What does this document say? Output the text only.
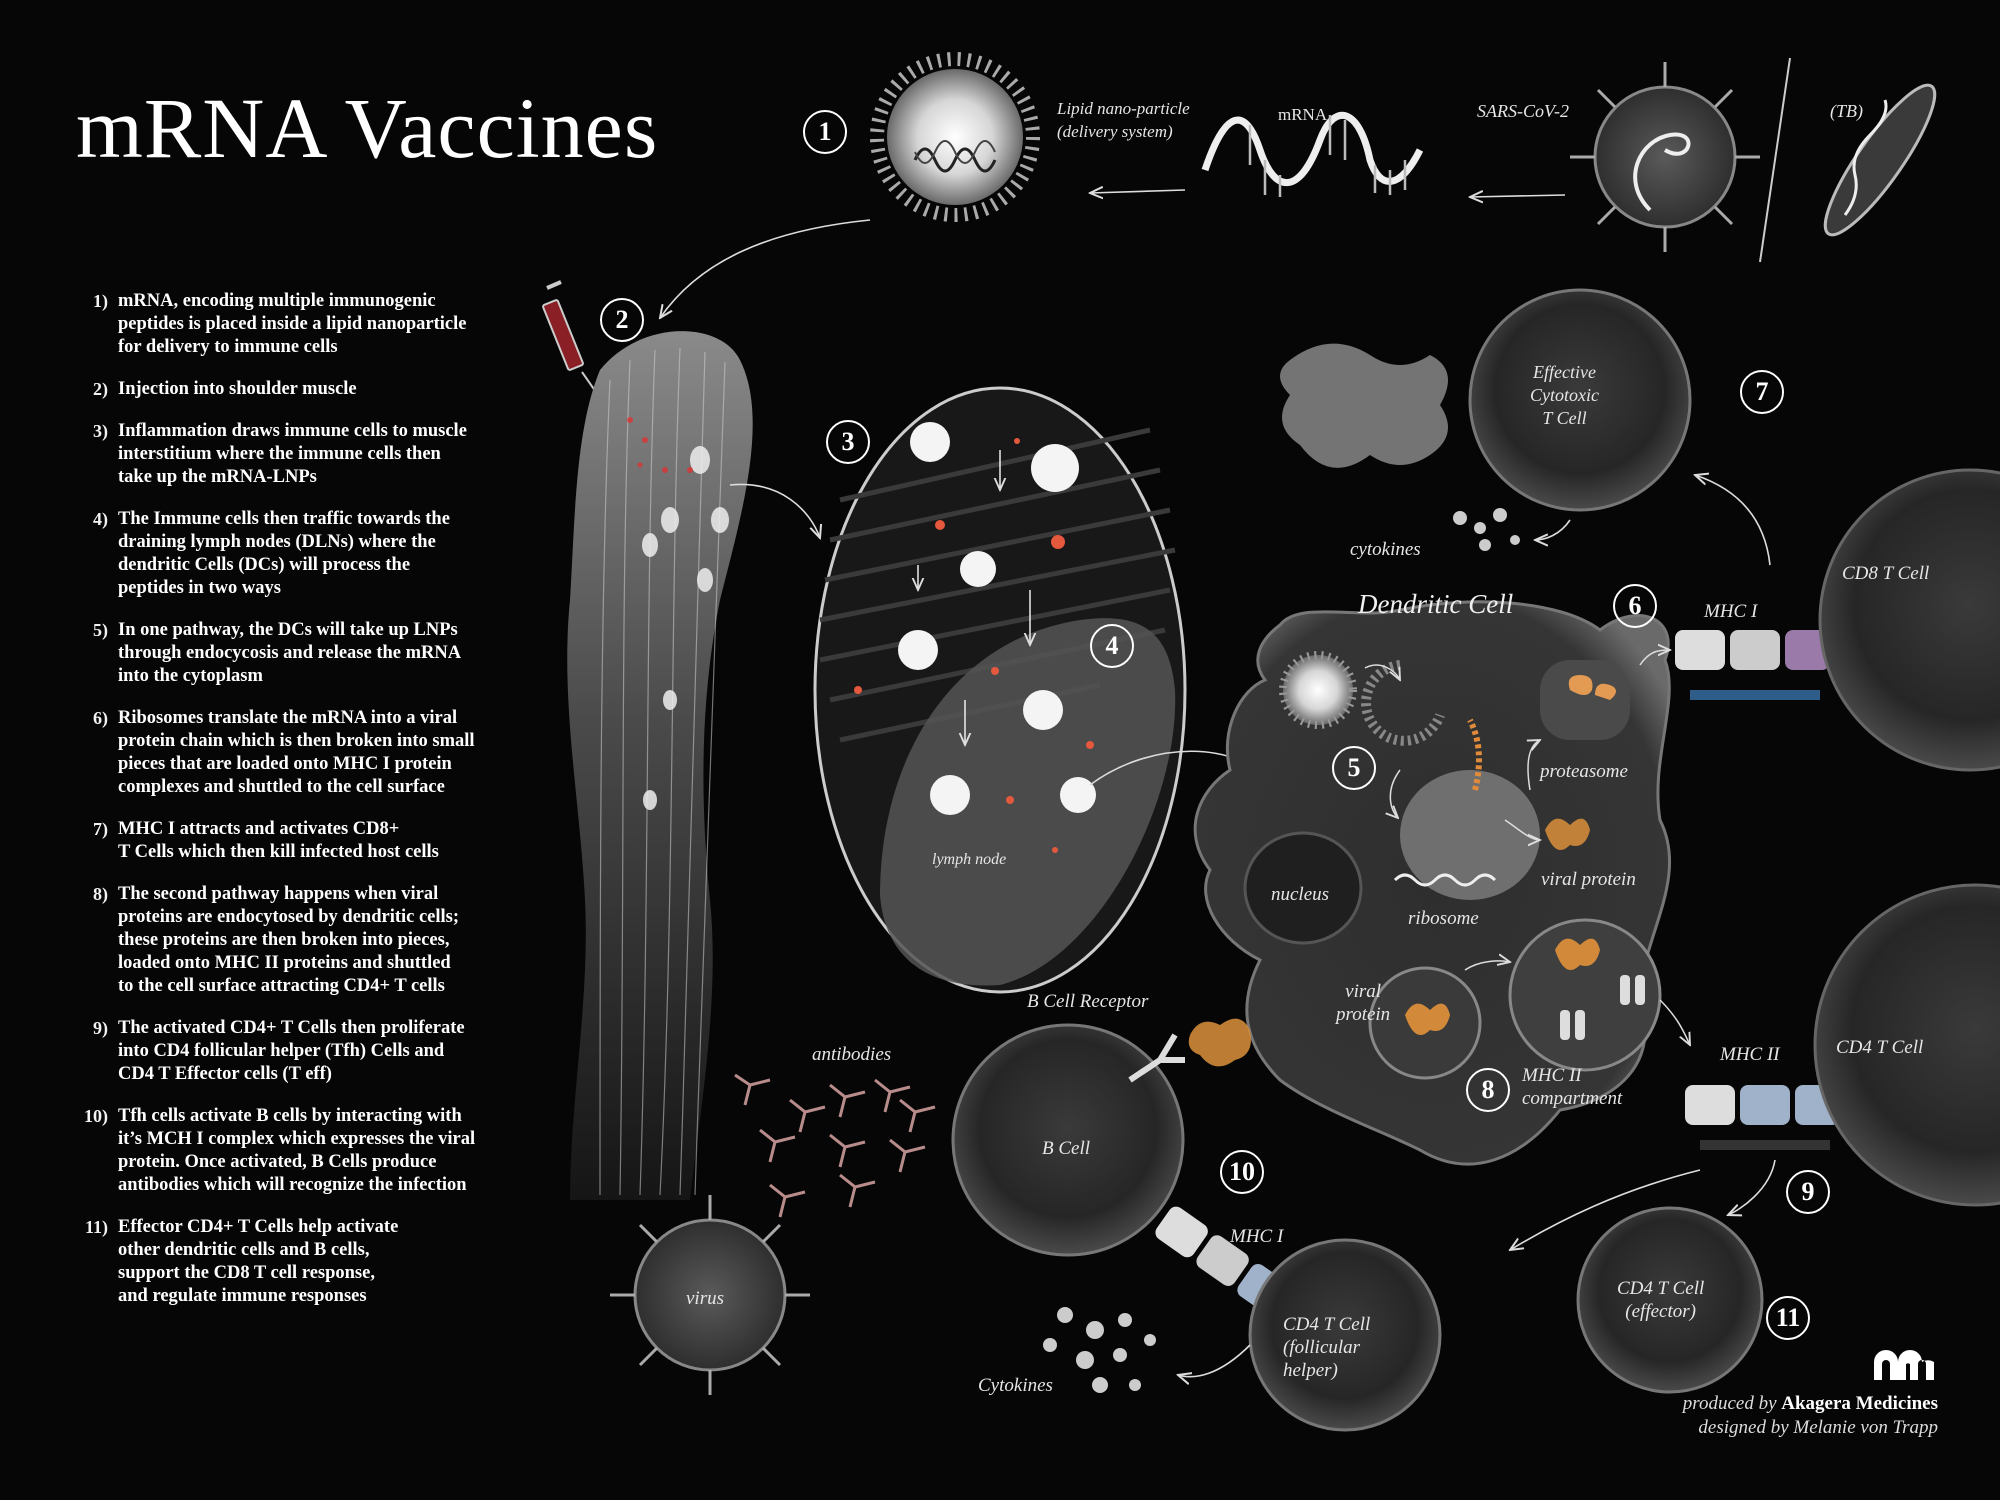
mRNA Vaccines
1) mRNA, encoding multiple immunogenic
peptides is placed inside a lipid nanoparticle
for delivery to immune cells
2) Injection into shoulder muscle
3) Inflammation draws immune cells to muscle
interstitium where the immune cells then
take up the mRNA-LNPs
4) The Immune cells then traffic towards the
draining lymph nodes (DLNs) where the
dendritic Cells (DCs) will process the
peptides in two ways
5) In one pathway, the DCs will take up LNPs
through endocycosis and release the mRNA
into the cytoplasm
6) Ribosomes translate the mRNA into a viral
protein chain which is then broken into small
pieces that are loaded onto MHC I protein
complexes and shuttled to the cell surface
7) MHC I attracts and activates CD8+
T Cells which then kill infected host cells
8) The second pathway happens when viral
proteins are endocytosed by dendritic cells;
these proteins are then broken into pieces,
loaded onto MHC II proteins and shuttled
to the cell surface attracting CD4+ T cells
9) The activated CD4+ T Cells then proliferate
into CD4 follicular helper (Tfh) Cells and
CD4 T Effector cells (T eff)
10) Tfh cells activate B cells by interacting with
it’s MCH I complex which expresses the viral
protein. Once activated, B Cells produce
antibodies which will recognize the infection
11) Effector CD4+ T Cells help activate
other dendritic cells and B cells,
support the CD8 T cell response,
and regulate immune responses
1
2
3
4
5
6
7
8
9
10
11
Lipid nano-particle
(delivery system)
mRNA	SARS-CoV-2	(TB)
Effective
Cytotoxic
T Cell
cytokines
CD8 T Cell
MHC I
Dendritic Cell
proteasome
viral protein
ribosome
nucleus
lymph node
viral
protein
MHC II
compartment
MHC II	CD4 T Cell
B Cell Receptor
antibodies
B Cell
MHC I
virus
CD4 T Cell
(follicular
helper)
Cytokines
CD4 T Cell
(effector)
produced by Akagera Medicines
designed by Melanie von Trapp
